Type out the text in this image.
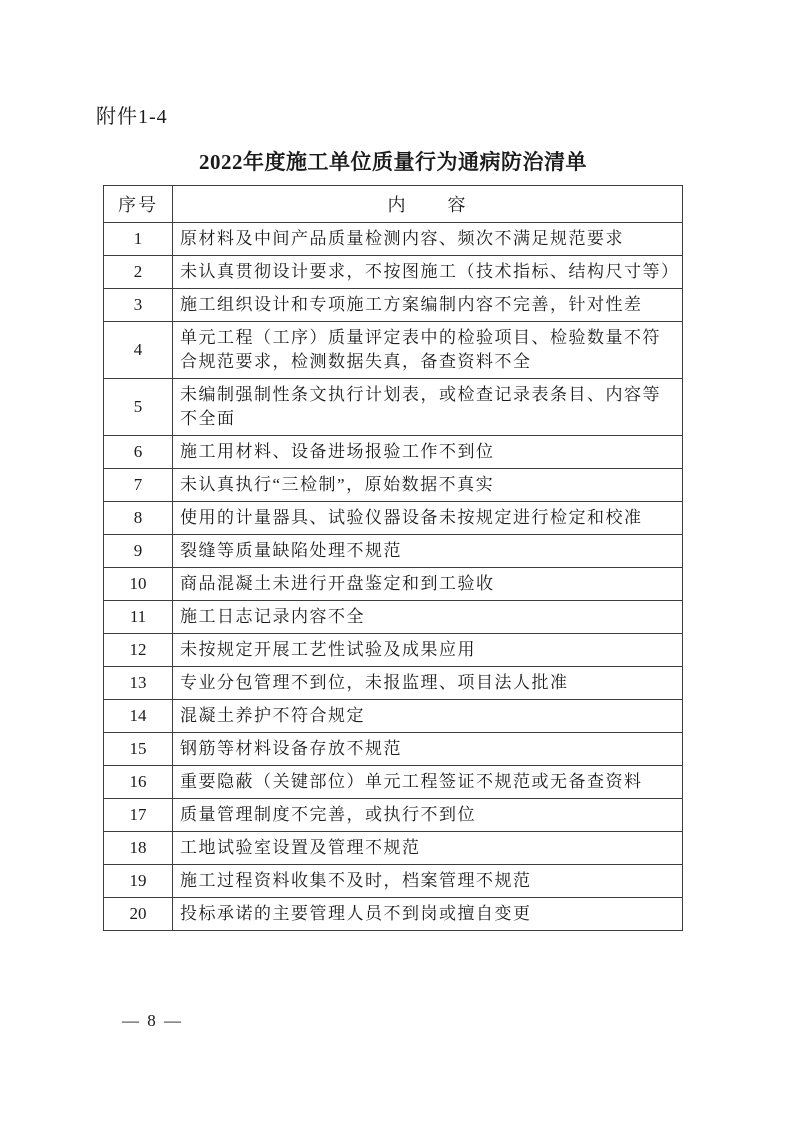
附件1-4
2022年度施工单位质量行为通病防治清单
序号	内　　容
1	原材料及中间产品质量检测内容、频次不满足规范要求
2	未认真贯彻设计要求，不按图施工（技术指标、结构尺寸等）
3	施工组织设计和专项施工方案编制内容不完善，针对性差
4	单元工程（工序）质量评定表中的检验项目、检验数量不符合规范要求，检测数据失真，备查资料不全
5	未编制强制性条文执行计划表，或检查记录表条目、内容等不全面
6	施工用材料、设备进场报验工作不到位
7	未认真执行“三检制”，原始数据不真实
8	使用的计量器具、试验仪器设备未按规定进行检定和校准
9	裂缝等质量缺陷处理不规范
10	商品混凝土未进行开盘鉴定和到工验收
11	施工日志记录内容不全
12	未按规定开展工艺性试验及成果应用
13	专业分包管理不到位，未报监理、项目法人批准
14	混凝土养护不符合规定
15	钢筋等材料设备存放不规范
16	重要隐蔽（关键部位）单元工程签证不规范或无备查资料
17	质量管理制度不完善，或执行不到位
18	工地试验室设置及管理不规范
19	施工过程资料收集不及时，档案管理不规范
20	投标承诺的主要管理人员不到岗或擅自变更
— 8 —
